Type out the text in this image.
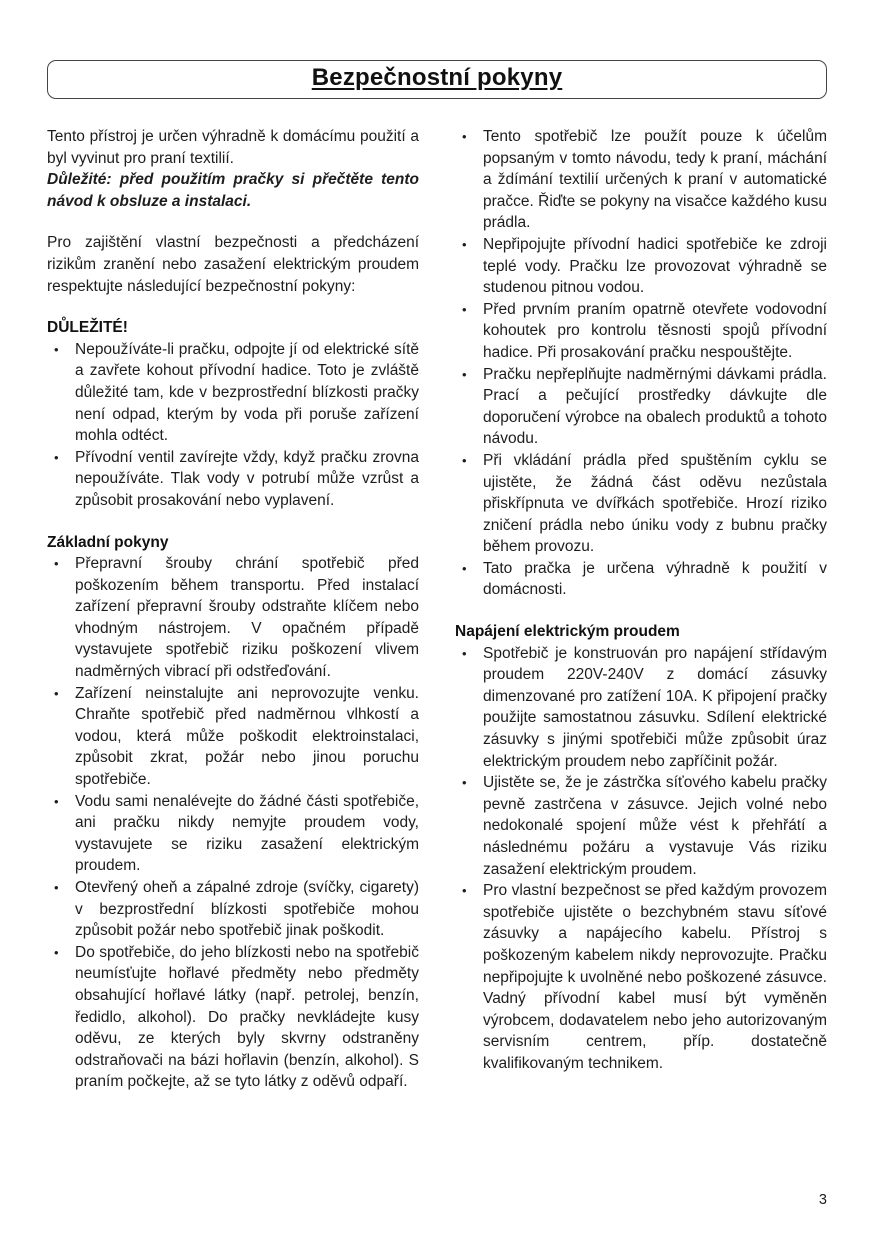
Bezpečnostní pokyny

Tento přístroj je určen výhradně k domácímu použití a byl vyvinut pro praní textilií.

Důležité: před použitím pračky si přečtěte tento návod k obsluze a instalaci.

Pro zajištění vlastní bezpečnosti a předcházení rizikům zranění nebo zasažení elektrickým proudem respektujte následující bezpečnostní pokyny:

DŮLEŽITÉ!

• Nepoužíváte-li pračku, odpojte jí od elektrické sítě a zavřete kohout přívodní hadice. Toto je zvláště důležité tam, kde v bezprostřední blízkosti pračky není odpad, kterým by voda při poruše zařízení mohla odtéct.
• Přívodní ventil zavírejte vždy, když pračku zrovna nepoužíváte. Tlak vody v potrubí může vzrůst a způsobit prosakování nebo vyplavení.

Základní pokyny

• Přepravní šrouby chrání spotřebič před poškozením během transportu. Před instalací zařízení přepravní šrouby odstraňte klíčem nebo vhodným nástrojem. V opačném případě vystavujete spotřebič riziku poškození vlivem nadměrných vibrací při odstřeďování.
• Zařízení neinstalujte ani neprovozujte venku. Chraňte spotřebič před nadměrnou vlhkostí a vodou, která může poškodit elektroinstalaci, způsobit zkrat, požár nebo jinou poruchu spotřebiče.
• Vodu sami nenalévejte do žádné části spotřebiče, ani pračku nikdy nemyjte proudem vody, vystavujete se riziku zasažení elektrickým proudem.
• Otevřený oheň a zápalné zdroje (svíčky, cigarety) v bezprostřední blízkosti spotřebiče mohou způsobit požár nebo spotřebič jinak poškodit.
• Do spotřebiče, do jeho blízkosti nebo na spotřebič neumísťujte hořlavé předměty nebo předměty obsahující hořlavé látky (např. petrolej, benzín, ředidlo, alkohol). Do pračky nevkládejte kusy oděvu, ze kterých byly skvrny odstraněny odstraňovači na bázi hořlavin (benzín, alkohol). S praním počkejte, až se tyto látky z oděvů odpaří.
• Tento spotřebič lze použít pouze k účelům popsaným v tomto návodu, tedy k praní, máchání a ždímání textilií určených k praní v automatické pračce. Řiďte se pokyny na visačce každého kusu prádla.
• Nepřipojujte přívodní hadici spotřebiče ke zdroji teplé vody. Pračku lze provozovat výhradně se studenou pitnou vodou.
• Před prvním praním opatrně otevřete vodovodní kohoutek pro kontrolu těsnosti spojů přívodní hadice. Při prosakování pračku nespouštějte.
• Pračku nepřeplňujte nadměrnými dávkami prádla. Prací a pečující prostředky dávkujte dle doporučení výrobce na obalech produktů a tohoto návodu.
• Při vkládání prádla před spuštěním cyklu se ujistěte, že žádná část oděvu nezůstala přiskřípnuta ve dvířkách spotřebiče. Hrozí riziko zničení prádla nebo úniku vody z bubnu pračky během provozu.
• Tato pračka je určena výhradně k použití v domácnosti.

Napájení elektrickým proudem

• Spotřebič je konstruován pro napájení střídavým proudem 220V-240V z domácí zásuvky dimenzované pro zatížení 10A. K připojení pračky použijte samostatnou zásuvku. Sdílení elektrické zásuvky s jinými spotřebiči může způsobit úraz elektrickým proudem nebo zapříčinit požár.
• Ujistěte se, že je zástrčka síťového kabelu pračky pevně zastrčena v zásuvce. Jejich volné nebo nedokonalé spojení může vést k přehřátí a následnému požáru a vystavuje Vás riziku zasažení elektrickým proudem.
• Pro vlastní bezpečnost se před každým provozem spotřebiče ujistěte o bezchybném stavu síťové zásuvky a napájecího kabelu. Přístroj s poškozeným kabelem nikdy neprovozujte. Pračku nepřipojujte k uvolněné nebo poškozené zásuvce. Vadný přívodní kabel musí být vyměněn výrobcem, dodavatelem nebo jeho autorizovaným servisním centrem, příp. dostatečně kvalifikovaným technikem.
3
